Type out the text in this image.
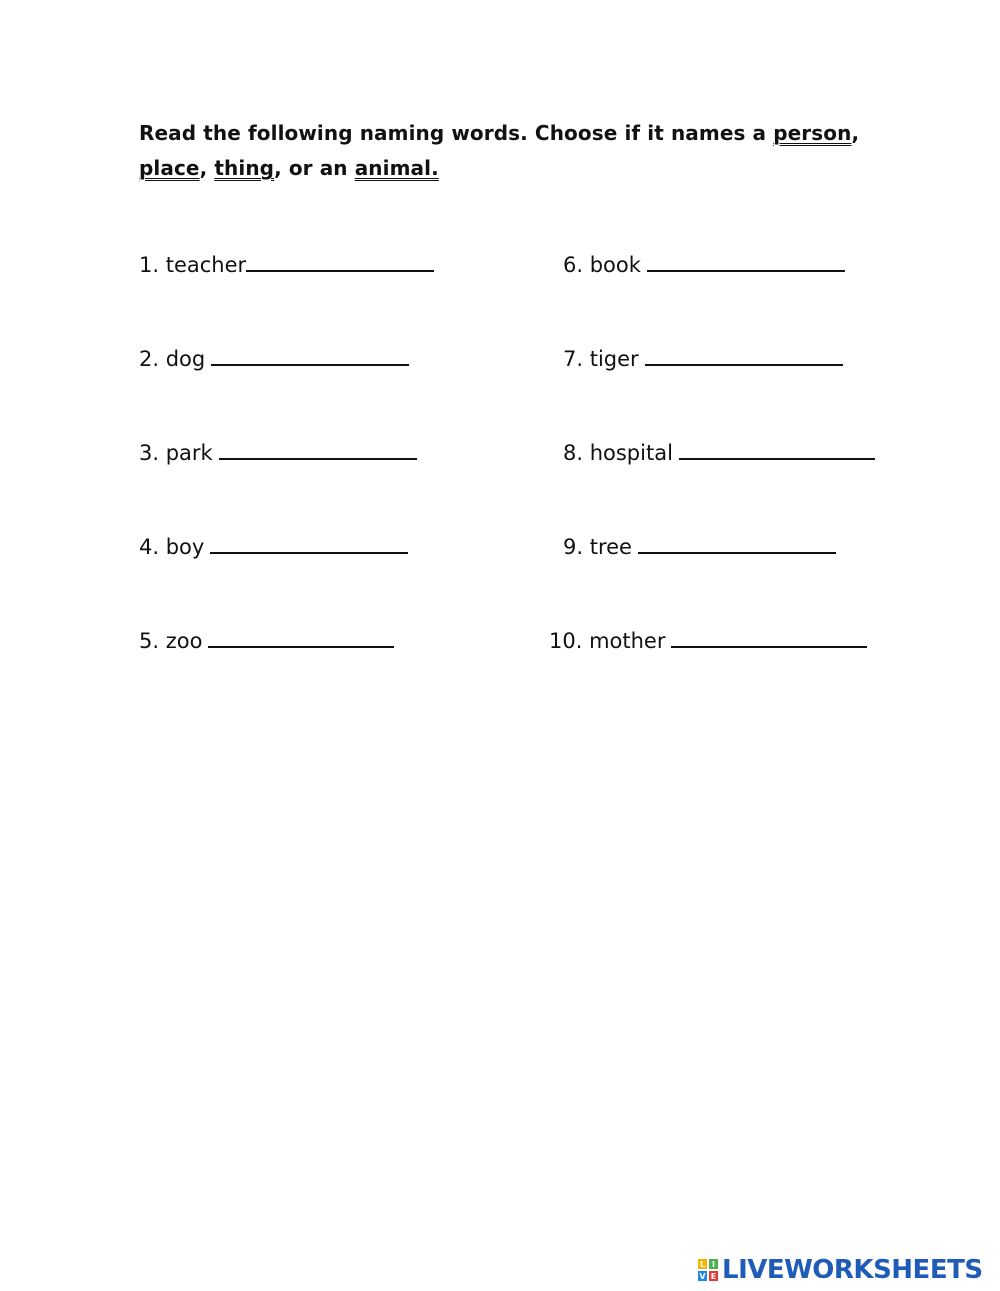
Read the following naming words. Choose if it names a person,
place, thing, or an animal.
1. teacher
2. dog
3. park
4. boy
5. zoo
6. book
7. tiger
8. hospital
9. tree
10. mother
L I
V E LIVEWORKSHEETS
